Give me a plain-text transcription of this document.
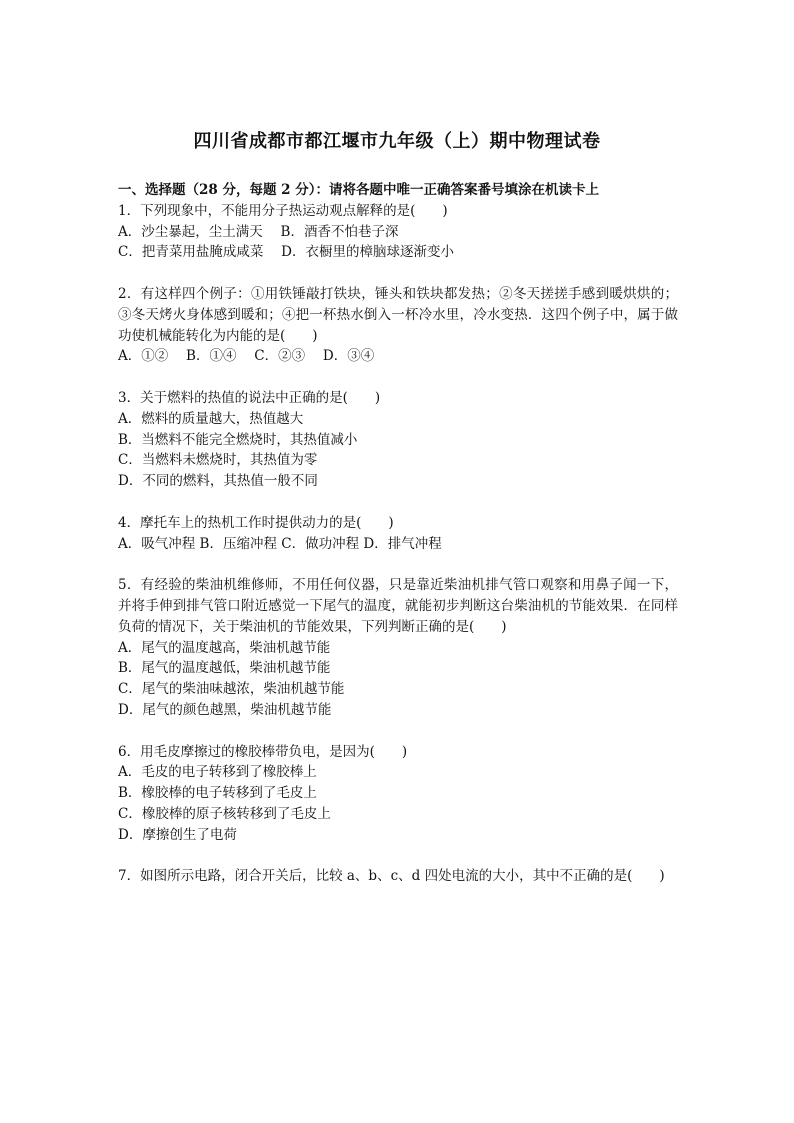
四川省成都市都江堰市九年级（上）期中物理试卷
一、选择题（28 分，每题 2 分）：请将各题中唯一正确答案番号填涂在机读卡上
1．下列现象中，不能用分子热运动观点解释的是(　　)
A．沙尘暴起，尘土满天　 B．酒香不怕巷子深
C．把青菜用盐腌成咸菜　 D．衣橱里的樟脑球逐渐变小
2．有这样四个例子：①用铁锤敲打铁块，锤头和铁块都发热；②冬天搓搓手感到暖烘烘的；③冬天烤火身体感到暖和；④把一杯热水倒入一杯冷水里，冷水变热．这四个例子中，属于做功使机械能转化为内能的是(　　)
A．①②　 B．①④　 C．②③　 D．③④
3．关于燃料的热值的说法中正确的是(　　)
A．燃料的质量越大，热值越大
B．当燃料不能完全燃烧时，其热值减小
C．当燃料未燃烧时，其热值为零
D．不同的燃料，其热值一般不同
4．摩托车上的热机工作时提供动力的是(　　)
A．吸气冲程 B．压缩冲程 C．做功冲程 D．排气冲程
5．有经验的柴油机维修师，不用任何仪器，只是靠近柴油机排气管口观察和用鼻子闻一下，并将手伸到排气管口附近感觉一下尾气的温度，就能初步判断这台柴油机的节能效果．在同样负荷的情况下，关于柴油机的节能效果，下列判断正确的是(　　)
A．尾气的温度越高，柴油机越节能
B．尾气的温度越低，柴油机越节能
C．尾气的柴油味越浓，柴油机越节能
D．尾气的颜色越黑，柴油机越节能
6．用毛皮摩擦过的橡胶棒带负电，是因为(　　)
A．毛皮的电子转移到了橡胶棒上
B．橡胶棒的电子转移到了毛皮上
C．橡胶棒的原子核转移到了毛皮上
D．摩擦创生了电荷
7．如图所示电路，闭合开关后，比较 a、b、c、d 四处电流的大小，其中不正确的是(　　)
